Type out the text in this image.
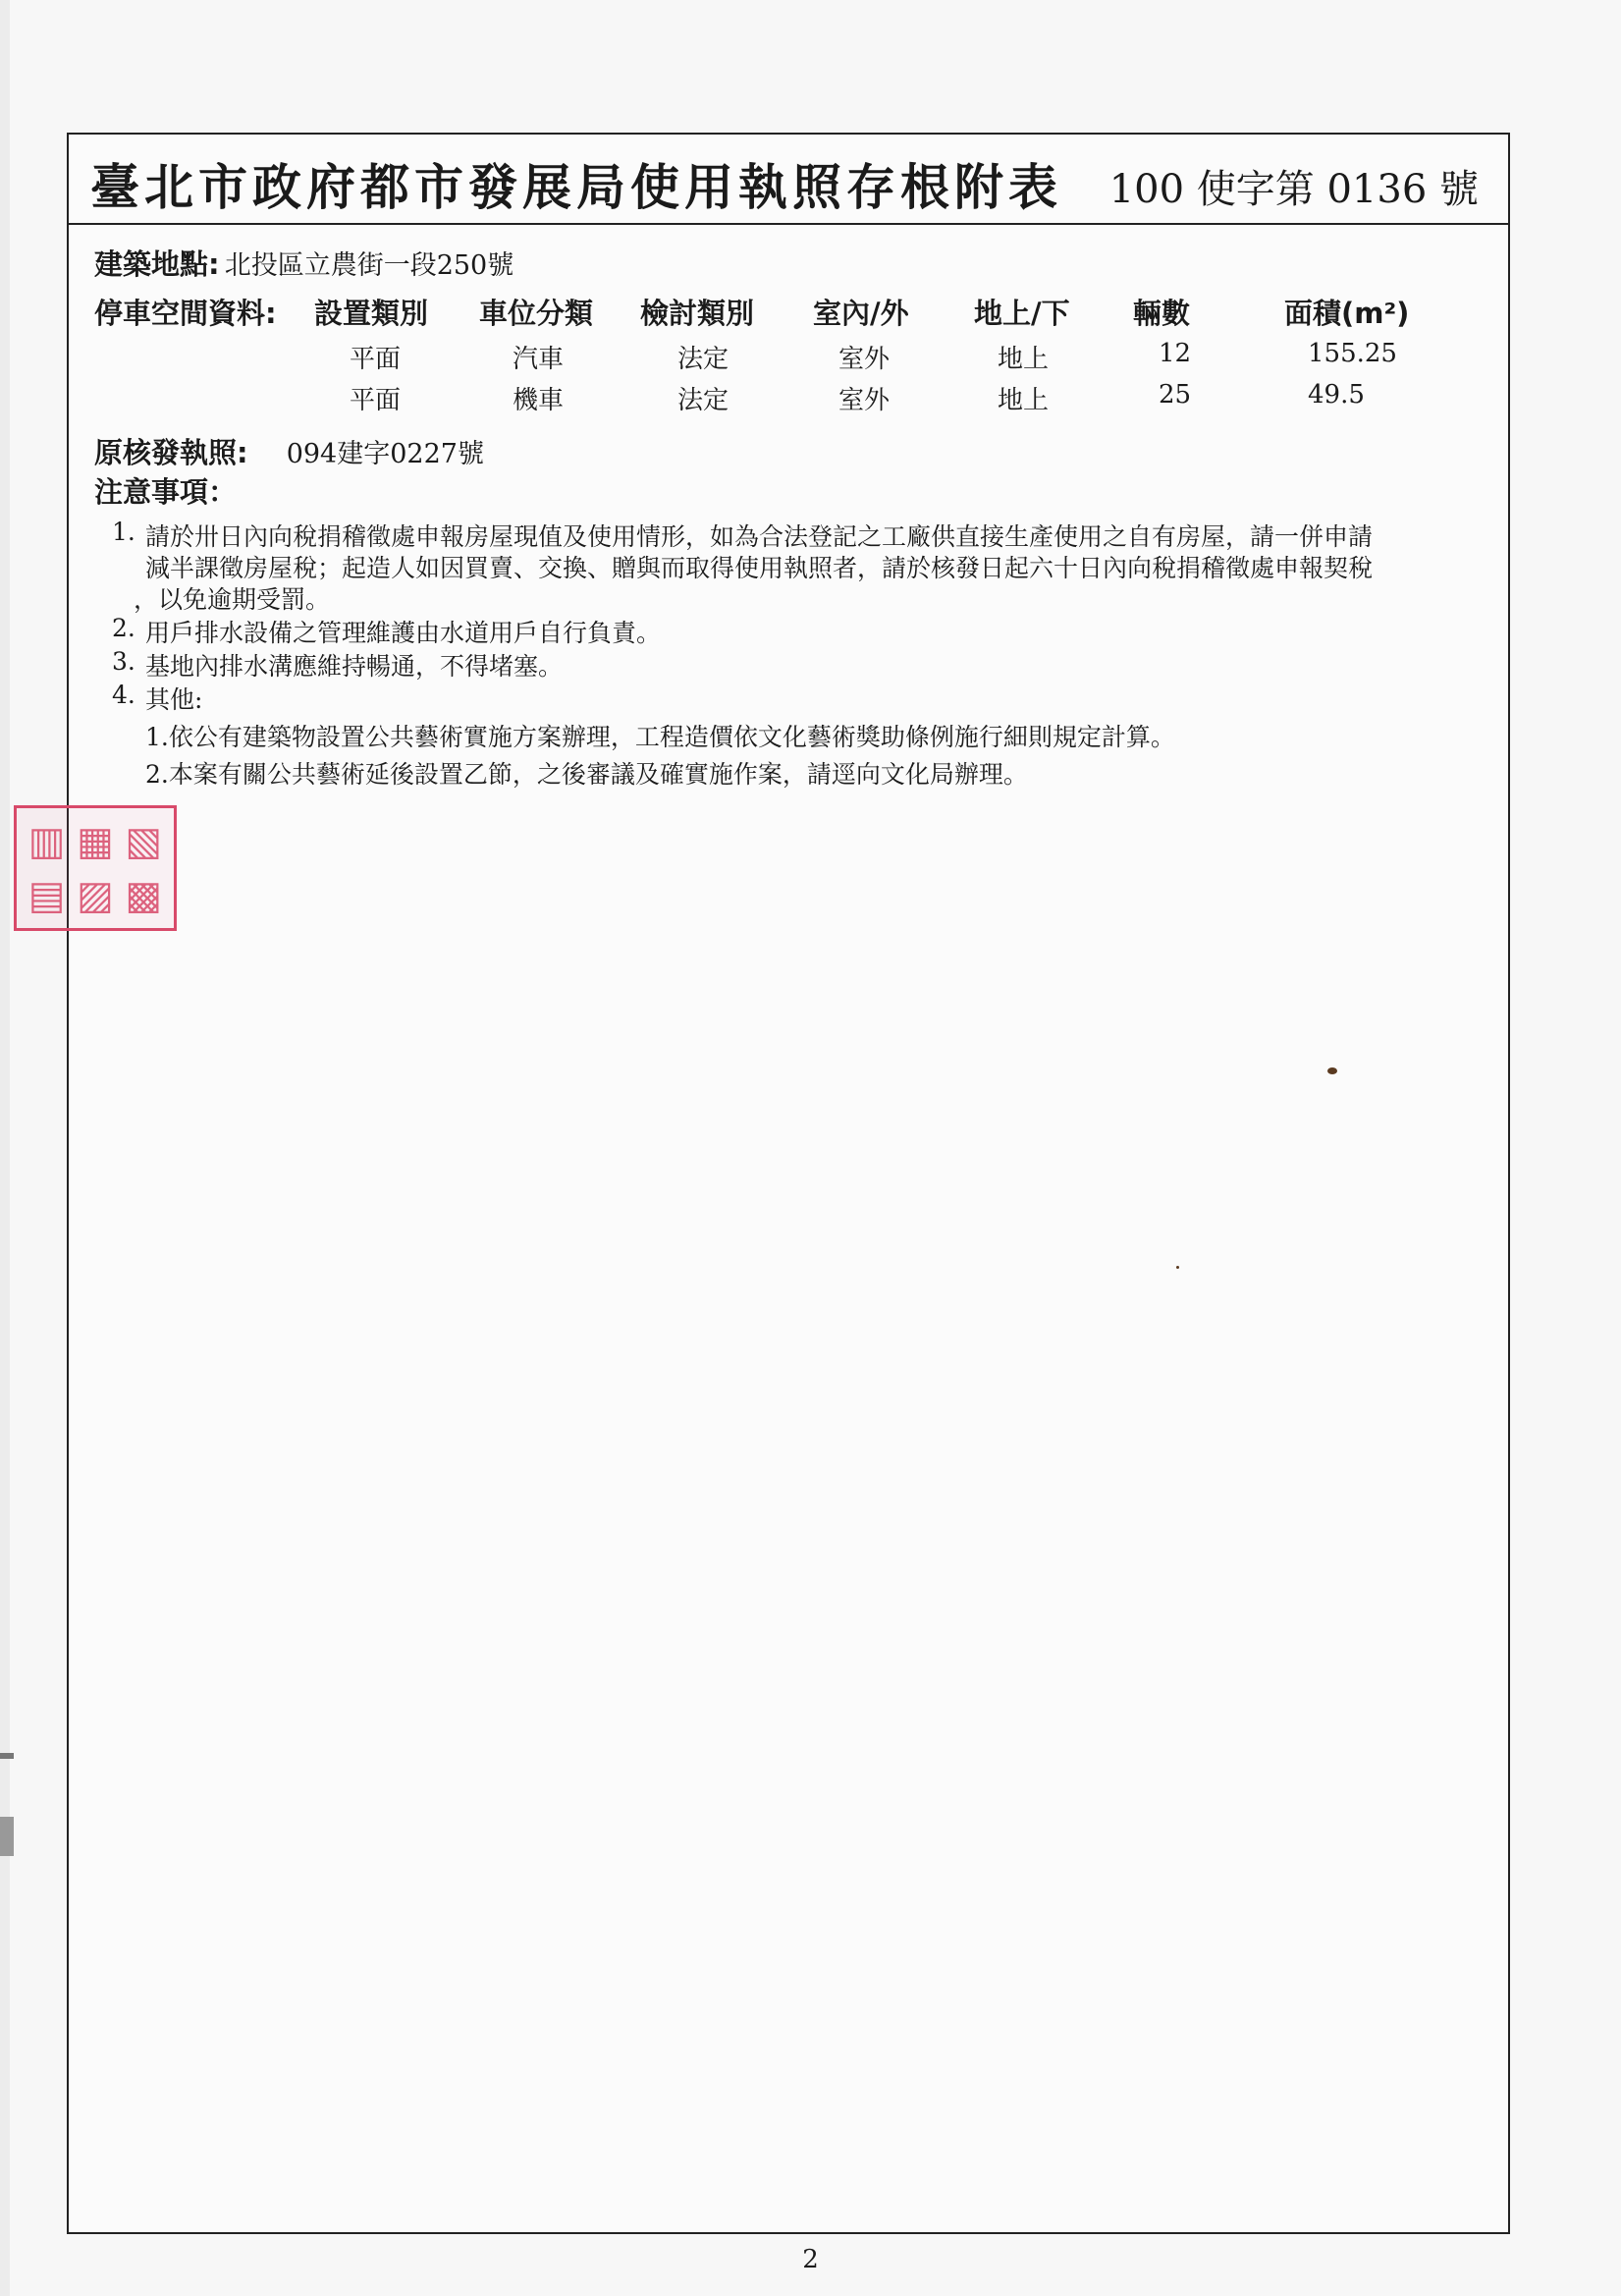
臺北市政府都市發展局使用執照存根附表 100 使字第 0136 號
建築地點: 北投區立農街一段250號
停車空間資料: 設置類別 車位分類 檢討類別 室內/外 地上/下 輛數	面積(m²)
平面	汽車	法定	室外	地上	12	155.25
平面	機車	法定	室外	地上	25	49.5
原核發執照: 094建字0227號
注意事項：
1. 請於卅日內向稅捐稽徵處申報房屋現值及使用情形，如為合法登記之工廠供直接生產使用之自有房屋，請一併申請
減半課徵房屋稅；起造人如因買賣、交換、贈與而取得使用執照者，請於核發日起六十日內向稅捐稽徵處申報契稅
，以免逾期受罰。
2. 用戶排水設備之管理維護由水道用戶自行負責。
3. 基地內排水溝應維持暢通，不得堵塞。
4. 其他:
1.依公有建築物設置公共藝術實施方案辦理，工程造價依文化藝術獎助條例施行細則規定計算。
2.本案有關公共藝術延後設置乙節，之後審議及確實施作案，請逕向文化局辦理。
▥ ▦ ▧
▤ ▨ ▩
2
